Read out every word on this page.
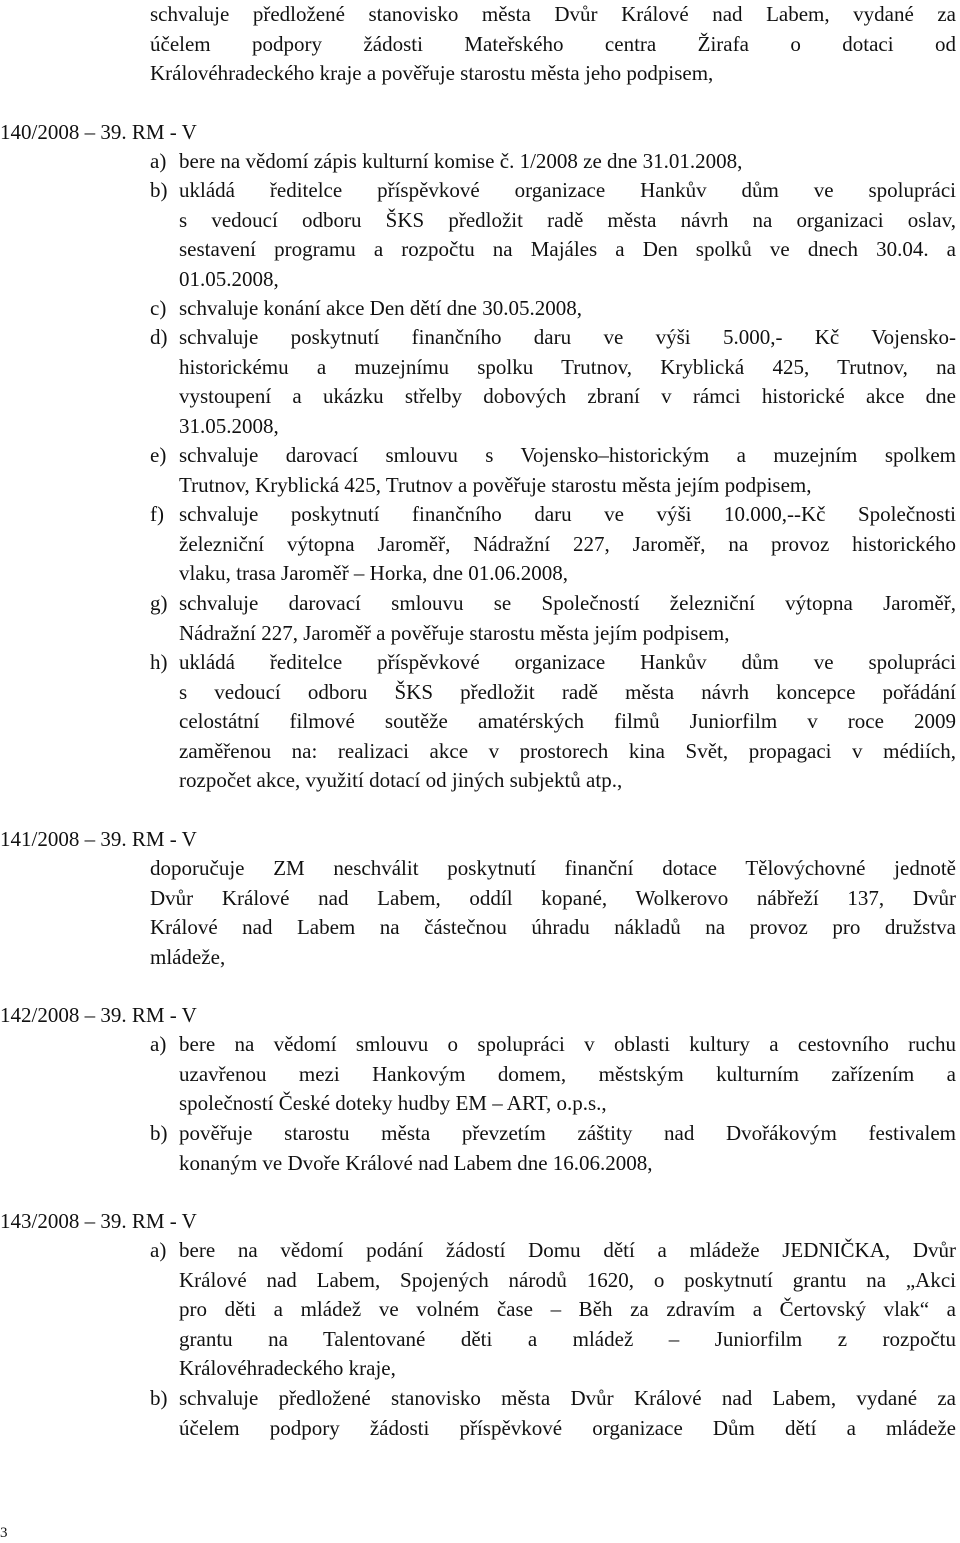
schvaluje předložené stanovisko města Dvůr Králové nad Labem, vydané za

účelem podpory žádosti Mateřského centra Žirafa o dotaci od

Královéhradeckého kraje a pověřuje starostu města jeho podpisem,

140/2008 – 39. RM - V
a) bere na vědomí zápis kulturní komise č. 1/2008 ze dne 31.01.2008,

b) ukládá ředitelce příspěvkové organizace Hankův dům ve spolupráci

s vedoucí odboru ŠKS předložit radě města návrh na organizaci oslav,

sestavení programu a rozpočtu na Majáles a Den spolků ve dnech 30.04. a

01.05.2008,

c) schvaluje konání akce Den dětí dne 30.05.2008,

d) schvaluje poskytnutí finančního daru ve výši 5.000,- Kč Vojensko-

historickému a muzejnímu spolku Trutnov, Kryblická 425, Trutnov, na

vystoupení a ukázku střelby dobových zbraní v rámci historické akce dne

31.05.2008,

e) schvaluje darovací smlouvu s Vojensko–historickým a muzejním spolkem

Trutnov, Kryblická 425, Trutnov a pověřuje starostu města jejím podpisem,

f) schvaluje poskytnutí finančního daru ve výši 10.000,--Kč Společnosti

železniční výtopna Jaroměř, Nádražní 227, Jaroměř, na provoz historického

vlaku, trasa Jaroměř – Horka, dne 01.06.2008,

g) schvaluje darovací smlouvu se Společností železniční výtopna Jaroměř,

Nádražní 227, Jaroměř a pověřuje starostu města jejím podpisem,

h) ukládá ředitelce příspěvkové organizace Hankův dům ve spolupráci

s vedoucí odboru ŠKS předložit radě města návrh koncepce pořádání

celostátní filmové soutěže amatérských filmů Juniorfilm v roce 2009

zaměřenou na: realizaci akce v prostorech kina Svět, propagaci v médiích,

rozpočet akce, využití dotací od jiných subjektů atp.,

141/2008 – 39. RM - V

doporučuje ZM neschválit poskytnutí finanční dotace Tělovýchovné jednotě

Dvůr Králové nad Labem, oddíl kopané, Wolkerovo nábřeží 137, Dvůr

Králové nad Labem na částečnou úhradu nákladů na provoz pro družstva

mládeže,

142/2008 – 39. RM - V
a) bere na vědomí smlouvu o spolupráci v oblasti kultury a cestovního ruchu

uzavřenou mezi Hankovým domem, městským kulturním zařízením a

společností České doteky hudby EM – ART, o.p.s.,

b) pověřuje starostu města převzetím záštity nad Dvořákovým festivalem

konaným ve Dvoře Králové nad Labem dne 16.06.2008,

143/2008 – 39. RM - V
a) bere na vědomí podání žádostí Domu dětí a mládeže JEDNIČKA, Dvůr

Králové nad Labem, Spojených národů 1620, o poskytnutí grantu na „Akci

pro děti a mládež ve volném čase – Běh za zdravím a Čertovský vlak“ a

grantu na Talentované děti a mládež – Juniorfilm z rozpočtu

Královéhradeckého kraje,

b) schvaluje předložené stanovisko města Dvůr Králové nad Labem, vydané za

účelem podpory žádosti příspěvkové organizace Dům dětí a mládeže

3
